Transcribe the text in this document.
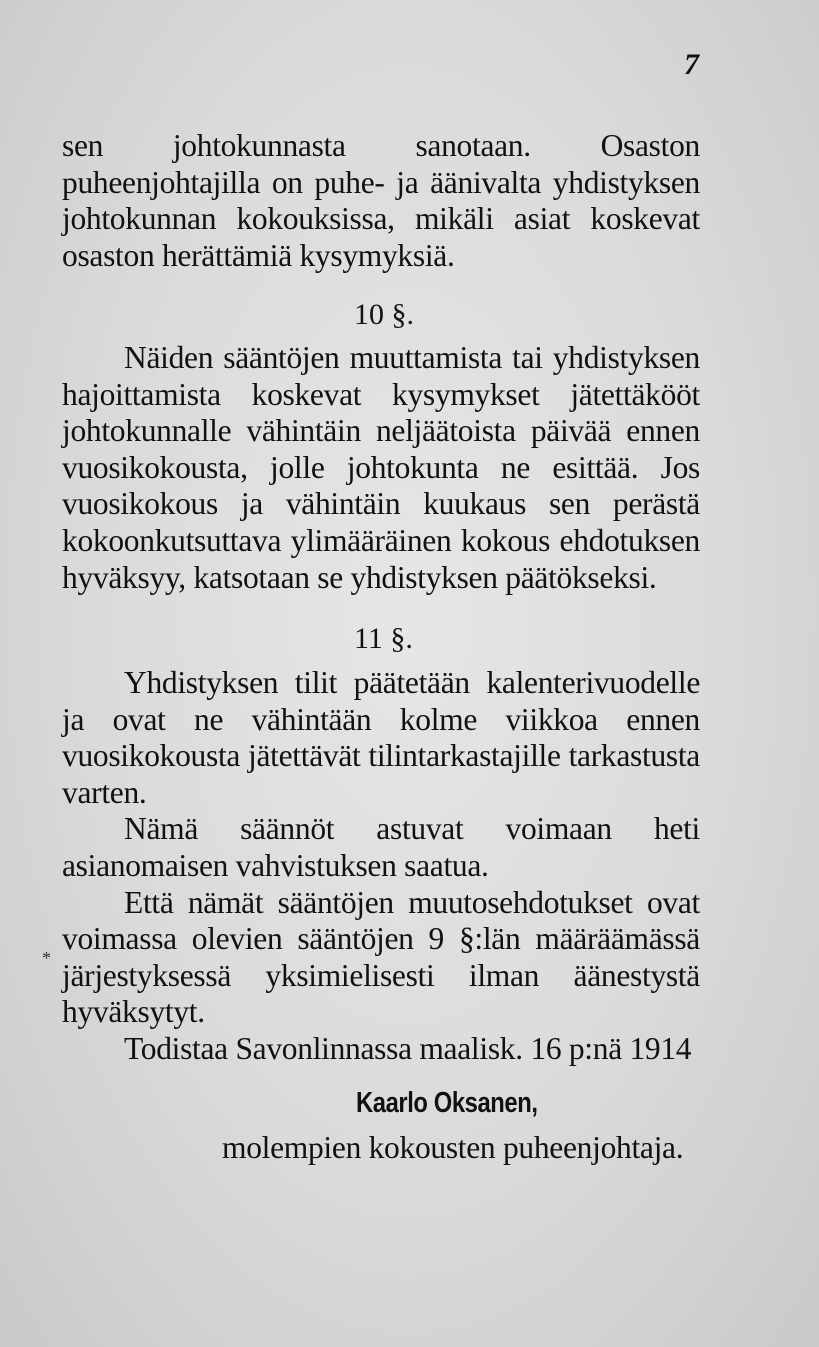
7

sen johtokunnasta sanotaan. Osaston puheenjohtajilla on puhe- ja äänivalta yhdistyksen johtokunnan kokouksissa, mikäli asiat koskevat osaston herättämiä kysymyksiä.

10 §.

Näiden sääntöjen muuttamista tai yhdistyksen hajoittamista koskevat kysymykset jätettäkööt johtokunnalle vähintäin neljäätoista päivää ennen vuosikokousta, jolle johtokunta ne esittää. Jos vuosikokous ja vähintäin kuukaus sen perästä kokoonkutsuttava ylimääräinen kokous ehdotuksen hyväksyy, katsotaan se yhdistyksen päätökseksi.

11 §.

Yhdistyksen tilit päätetään kalenterivuodelle ja ovat ne vähintään kolme viikkoa ennen vuosikokousta jätettävät tilintarkastajille tarkastusta varten.

Nämä säännöt astuvat voimaan heti asianomaisen vahvistuksen saatua.

Että nämät sääntöjen muutosehdotukset ovat voimassa olevien sääntöjen 9 §:län määräämässä järjestyksessä yksimielisesti ilman äänestystä hyväksytyt.

Todistaa Savonlinnassa maalisk. 16 p:nä 1914

Kaarlo Oksanen,
molempien kokousten puheenjohtaja.
*
